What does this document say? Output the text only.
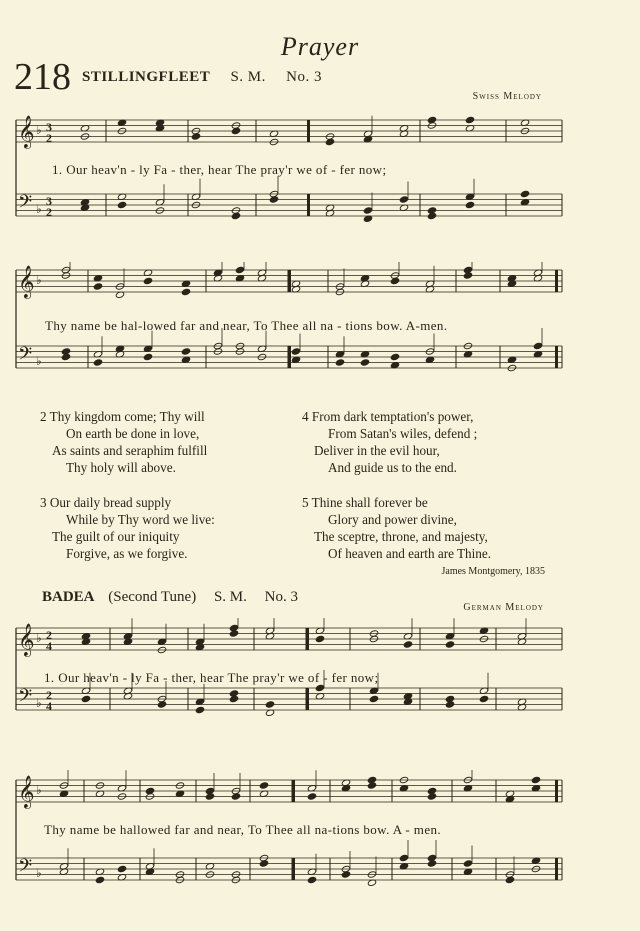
Prayer
218 STILLINGFLEET S. M. No. 3
Swiss Melody
𝄞
𝄢
♭
♭
3
2
3
2
1. Our heav'n - ly Fa - ther, hear The pray'r we of - fer now;
𝄞
𝄢
♭
♭
Thy name be hal-lowed far and near, To Thee all na - tions bow. A-men.
2 Thy kingdom come; Thy will
On earth be done in love,
As saints and seraphim fulfill
Thy holy will above.
4 From dark temptation's power,
From Satan's wiles, defend ;
Deliver in the evil hour,
And guide us to the end.
3 Our daily bread supply
While by Thy word we live:
The guilt of our iniquity
Forgive, as we forgive.
5 Thine shall forever be
Glory and power divine,
The sceptre, throne, and majesty,
Of heaven and earth are Thine.
James Montgomery, 1835
BADEA (Second Tune) S. M. No. 3
German Melody
𝄞
𝄢
♭
♭
2
4
2
4
1. Our heav'n - ly Fa - ther, hear The pray'r we of - fer now;
𝄞
𝄢
♭
♭
Thy name be hallowed far and near, To Thee all na-tions bow. A - men.
